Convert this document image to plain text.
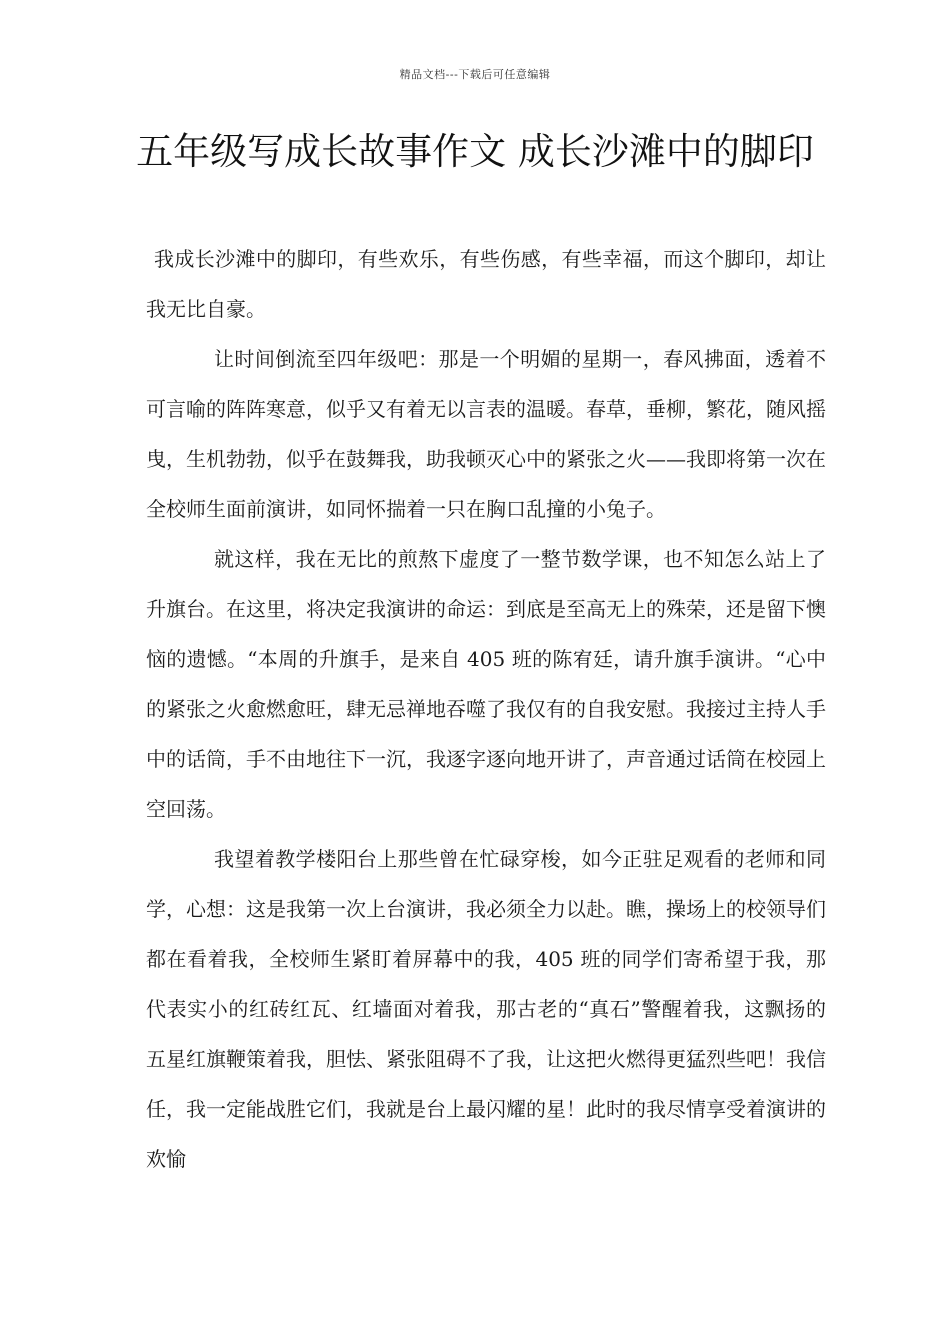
精品文档---下载后可任意编辑
五年级写成长故事作文 成长沙滩中的脚印

我成长沙滩中的脚印，有些欢乐，有些伤感，有些幸福，而这个脚印，却让我无比自豪。

让时间倒流至四年级吧：那是一个明媚的星期一，春风拂面，透着不可言喻的阵阵寒意，似乎又有着无以言表的温暖。春草，垂柳，繁花，随风摇曳，生机勃勃，似乎在鼓舞我，助我顿灭心中的紧张之火——我即将第一次在全校师生面前演讲，如同怀揣着一只在胸口乱撞的小兔子。

就这样，我在无比的煎熬下虚度了一整节数学课，也不知怎么站上了升旗台。在这里，将决定我演讲的命运：到底是至高无上的殊荣，还是留下懊恼的遗憾。“本周的升旗手，是来自 405 班的陈宥廷，请升旗手演讲。“心中的紧张之火愈燃愈旺，肆无忌禅地吞噬了我仅有的自我安慰。我接过主持人手中的话筒，手不由地往下一沉，我逐字逐向地开讲了，声音通过话筒在校园上空回荡。

我望着教学楼阳台上那些曾在忙碌穿梭，如今正驻足观看的老师和同学，心想：这是我第一次上台演讲，我必须全力以赴。瞧，操场上的校领导们都在看着我，全校师生紧盯着屏幕中的我，405 班的同学们寄希望于我，那代表实小的红砖红瓦、红墙面对着我，那古老的“真石”警醒着我，这飘扬的五星红旗鞭策着我，胆怯、紧张阻碍不了我，让这把火燃得更猛烈些吧！我信任，我一定能战胜它们，我就是台上最闪耀的星！此时的我尽情享受着演讲的欢愉
